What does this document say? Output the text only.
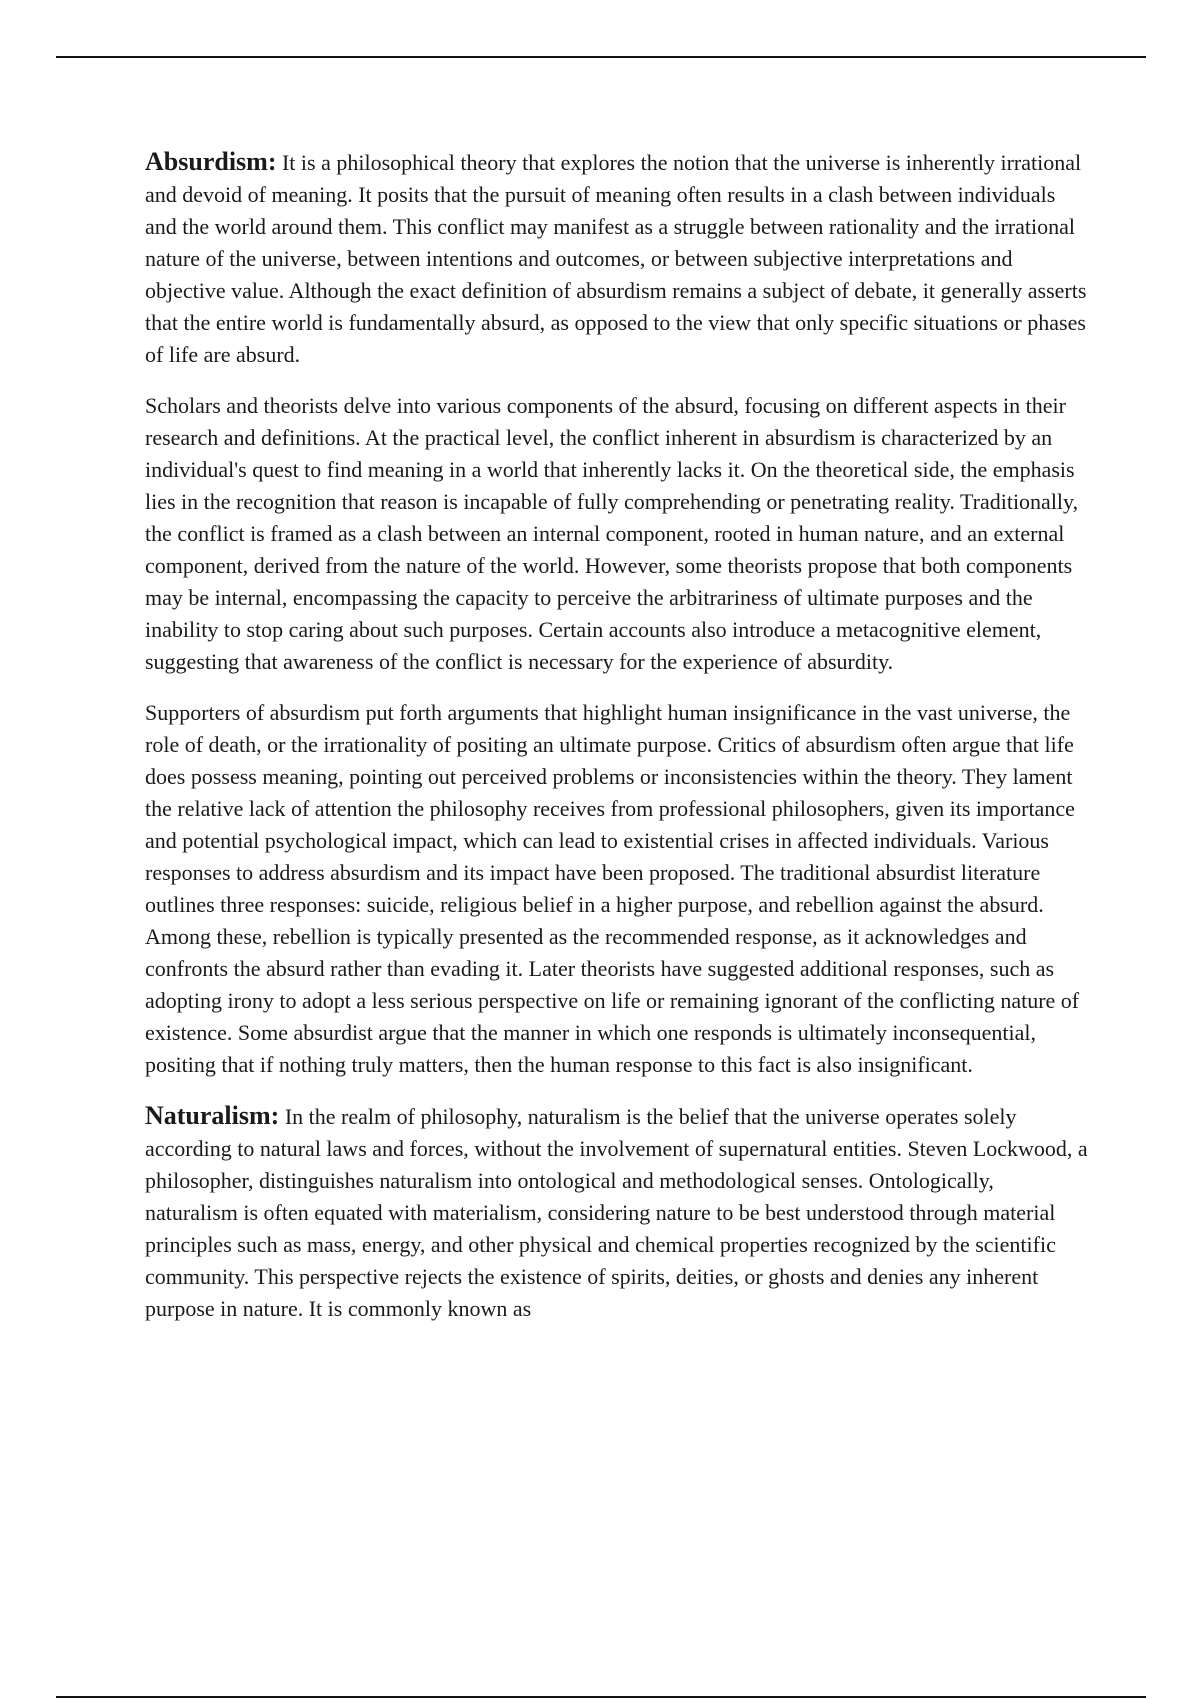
Absurdism: It is a philosophical theory that explores the notion that the universe is inherently irrational and devoid of meaning. It posits that the pursuit of meaning often results in a clash between individuals and the world around them. This conflict may manifest as a struggle between rationality and the irrational nature of the universe, between intentions and outcomes, or between subjective interpretations and objective value. Although the exact definition of absurdism remains a subject of debate, it generally asserts that the entire world is fundamentally absurd, as opposed to the view that only specific situations or phases of life are absurd.

Scholars and theorists delve into various components of the absurd, focusing on different aspects in their research and definitions. At the practical level, the conflict inherent in absurdism is characterized by an individual's quest to find meaning in a world that inherently lacks it. On the theoretical side, the emphasis lies in the recognition that reason is incapable of fully comprehending or penetrating reality. Traditionally, the conflict is framed as a clash between an internal component, rooted in human nature, and an external component, derived from the nature of the world. However, some theorists propose that both components may be internal, encompassing the capacity to perceive the arbitrariness of ultimate purposes and the inability to stop caring about such purposes. Certain accounts also introduce a metacognitive element, suggesting that awareness of the conflict is necessary for the experience of absurdity.

Supporters of absurdism put forth arguments that highlight human insignificance in the vast universe, the role of death, or the irrationality of positing an ultimate purpose. Critics of absurdism often argue that life does possess meaning, pointing out perceived problems or inconsistencies within the theory. They lament the relative lack of attention the philosophy receives from professional philosophers, given its importance and potential psychological impact, which can lead to existential crises in affected individuals. Various responses to address absurdism and its impact have been proposed. The traditional absurdist literature outlines three responses: suicide, religious belief in a higher purpose, and rebellion against the absurd. Among these, rebellion is typically presented as the recommended response, as it acknowledges and confronts the absurd rather than evading it. Later theorists have suggested additional responses, such as adopting irony to adopt a less serious perspective on life or remaining ignorant of the conflicting nature of existence. Some absurdist argue that the manner in which one responds is ultimately inconsequential, positing that if nothing truly matters, then the human response to this fact is also insignificant.

Naturalism: In the realm of philosophy, naturalism is the belief that the universe operates solely according to natural laws and forces, without the involvement of supernatural entities. Steven Lockwood, a philosopher, distinguishes naturalism into ontological and methodological senses. Ontologically, naturalism is often equated with materialism, considering nature to be best understood through material principles such as mass, energy, and other physical and chemical properties recognized by the scientific community. This perspective rejects the existence of spirits, deities, or ghosts and denies any inherent purpose in nature. It is commonly known as
